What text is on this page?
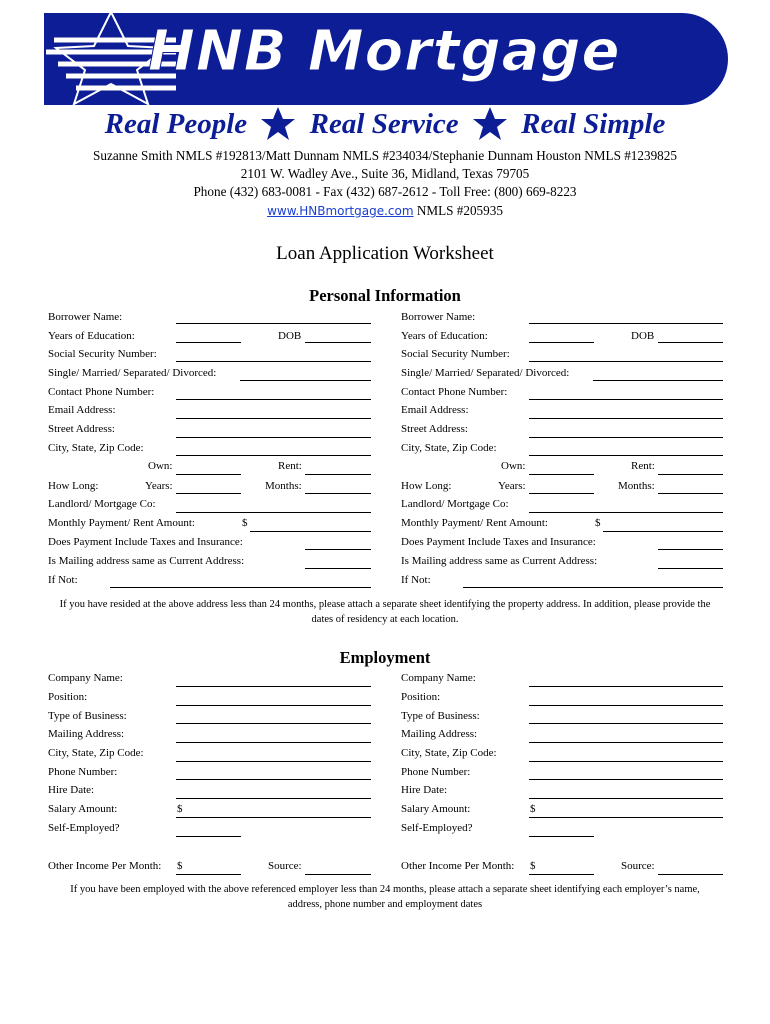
HNB Mortgage
Real People Real Service Real Simple
Suzanne Smith NMLS #192813/Matt Dunnam NMLS #234034/Stephanie Dunnam Houston NMLS #1239825
2101 W. Wadley Ave., Suite 36, Midland, Texas 79705
Phone (432) 683-0081 - Fax (432) 687-2612 - Toll Free: (800) 669-8223
www.HNBmortgage.com NMLS #205935
Loan Application Worksheet
Personal Information
Borrower Name:
Years of Education:	DOB
Social Security Number:
Single/ Married/ Separated/ Divorced:
Contact Phone Number:
Email Address:
Street Address:
City, State, Zip Code:
Own:	Rent:
How Long:	Years:	Months:
Landlord/ Mortgage Co:
Monthly Payment/ Rent Amount:	$
Does Payment Include Taxes and Insurance:
Is Mailing address same as Current Address:
If Not:
Borrower Name:
Years of Education:	DOB
Social Security Number:
Single/ Married/ Separated/ Divorced:
Contact Phone Number:
Email Address:
Street Address:
City, State, Zip Code:
Own:	Rent:
How Long:	Years:	Months:
Landlord/ Mortgage Co:
Monthly Payment/ Rent Amount:	$
Does Payment Include Taxes and Insurance:
Is Mailing address same as Current Address:
If Not:
If you have resided at the above address less than 24 months, please attach a separate sheet identifying the property address. In addition, please provide the dates of residency at each location.
Employment
Company Name:
Position:
Type of Business:
Mailing Address:
City, State, Zip Code:
Phone Number:
Hire Date:
Salary Amount:	$
Self-Employed?
Other Income Per Month: $	Source:
Company Name:
Position:
Type of Business:
Mailing Address:
City, State, Zip Code:
Phone Number:
Hire Date:
Salary Amount:	$
Self-Employed?
Other Income Per Month: $	Source:
If you have been employed with the above referenced employer less than 24 months, please attach a separate sheet identifying each employer’s name, address, phone number and employment dates
